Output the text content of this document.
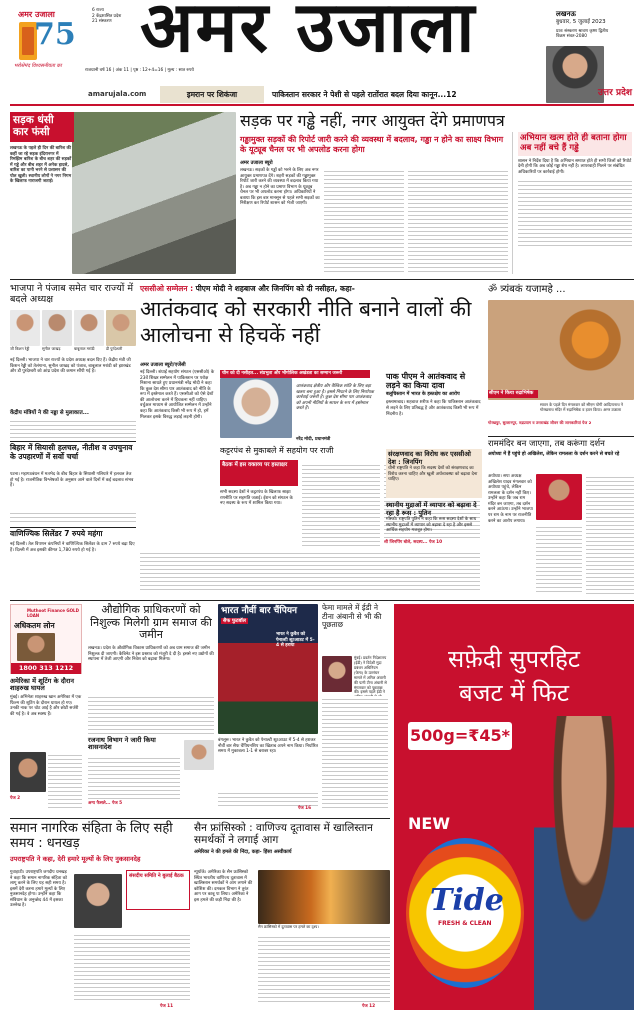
अमर उजाला
75
भरोसेमंद विश्वसनीयता का
6 राज्य
2 केंद्रशासित प्रदेश
21 संस्करण अमर उजाला
राजधानी वर्ष 16 | अंक 11 | पृष्ठ : 12+4=16 | मूल्य : सात रुपये
लखनऊ
बुधवार, 5 जुलाई 2023
प्रातः संस्करण श्रावण कृष्ण द्वितीय
विक्रम संवत-2080
amarujala.com	इमरान पर शिकंजा	पाकिस्तान सरकार ने पेशी से पहले रातोंरात बदल दिया कानून...12	उत्तर प्रदेश
सड़क धंसी कार फंसी
लखनऊ के पहले ही दिन की बारिश की कहीं जा रहे सड़क इंदिरानगर में रिमझिम बारिश के बीच शहर की सड़कों में गड्ढे और बीच शहर में अनेक हादसे, बारिश का पानी भरने से प्रशासन की पोल खुली। स्थानीय लोगों ने नगर निगम के खिलाफ नाराजगी जताई।
सड़क पर गड्ढे नहीं, नगर आयुक्त देंगे प्रमाणपत्र
गड्ढामुक्त सड़कों की रिपोर्ट जारी करने की व्यवस्था में बदलाव, गड्ढा न होने का साक्ष्य विभाग के यूट्यूब चैनल पर भी अपलोड करना होगा
अमर उजाला ब्यूरो
लखनऊ। सड़कों के गड्ढों को भरने के लिए अब नगर आयुक्त प्रमाणपत्र देंगे। शहरी सड़कों की गड्ढामुक्त रिपोर्ट जारी करने की व्यवस्था में बदलाव किया गया है। अब गड्ढा न होने का प्रमाण विभाग के यूट्यूब चैनल पर भी अपलोड करना होगा। अधिकारियों ने बताया कि इस बार मानसून से पहले सभी सड़कों का निरीक्षण कर रिपोर्ट शासन को भेजी जाएगी।
अभियान खत्म होते ही बताना होगा अब नहीं बचे हैं गड्ढे
शासन ने निर्देश दिया है कि अभियान समाप्त होते ही सभी जिलों को रिपोर्ट देनी होगी कि अब कोई गड्ढा शेष नहीं है। लापरवाही मिलने पर संबंधित अधिकारियों पर कार्रवाई होगी।
भाजपा ने पंजाब समेत चार राज्यों में बदले अध्यक्ष
जी किशन रेड्डी	सुनील जाखड़	बाबूलाल मरांडी	डी पुरंदेश्वरी
नई दिल्ली। भाजपा ने चार राज्यों के प्रदेश अध्यक्ष बदल दिए हैं। केंद्रीय मंत्री जी किशन रेड्डी को तेलंगाना, सुनील जाखड़ को पंजाब, बाबूलाल मरांडी को झारखंड और डी पुरंदेश्वरी को आंध्र प्रदेश की कमान सौंपी गई है।
केंद्रीय मंत्रियों ने की नड्डा से मुलाकात...
बिहार में सियासी हलचल, नीतीश व उपचुनाव के उपहारणों में सर्वो चर्चा
पटना। महागठबंधन में मतभेद के बीच बिहार के सियासी गलियारे में हलचल तेज हो गई है। राजनीतिक विश्लेषकों के अनुसार आने वाले दिनों में कई बदलाव संभव हैं।
वाणिज्यिक सिलेंडर 7 रुपये महंगा
नई दिल्ली। तेल विपणन कंपनियों ने वाणिज्यिक सिलेंडर के दाम 7 रुपये बढ़ा दिए हैं। दिल्ली में अब इसकी कीमत 1,780 रुपये हो गई है।
एससीओ सम्मेलन : पीएम मोदी ने शहबाज और जिनपिंग को दी नसीहत, कहा-
आतंकवाद को सरकारी नीति बनाने वालों की आलोचना से हिचकें नहीं
अमर उजाला ब्यूरो/एजेंसी
नई दिल्ली। शंघाई सहयोग संगठन (एससीओ) के 23वें शिखर सम्मेलन में पाकिस्तान पर परोक्ष निशाना साधते हुए प्रधानमंत्री नरेंद्र मोदी ने कहा कि कुछ देश सीमा पार आतंकवाद को नीति के रूप में इस्तेमाल करते हैं। एससीओ को ऐसे देशों की आलोचना करने में हिचकना नहीं चाहिए। वर्चुअल माध्यम से आयोजित सम्मेलन में उन्होंने कहा कि आतंकवाद किसी भी रूप में हो, हमें मिलकर इसके विरुद्ध लड़ाई लड़नी होगी।
चीन को दी नसीहत... संप्रभुता और भौगोलिक अखंडता का सम्मान जरूरी
आतंकवाद क्षेत्रीय और वैश्विक शांति के लिए बड़ा खतरा बना हुआ है। इससे निपटने के लिए निर्णायक कार्रवाई जरूरी है। कुछ देश सीमा पार आतंकवाद को अपनी नीतियों के साधन के रूप में इस्तेमाल करते हैं।
नरेंद्र मोदी, प्रधानमंत्री
कट्टरपंथ से मुकाबले में सहयोग पर राजी
बैठक में इस वक्तव्य पर हस्ताक्षर
सभी सदस्य देशों ने कट्टरपंथ के खिलाफ साझा रणनीति पर सहमति जताई। ईरान को संगठन के नए सदस्य के रूप में शामिल किया गया।
शी जिनपिंग बोले, सदस्य... पेज 10
पाक पीएम ने आतंकवाद से लड़ने का किया दावा
बलूचिस्तान में भारत के हस्तक्षेप का आरोप
इस्लामाबाद। शहबाज शरीफ ने कहा कि पाकिस्तान आतंकवाद से लड़ने के लिए प्रतिबद्ध है और आतंकवाद किसी भी रूप में निंदनीय है।
संरक्षणवाद का विरोध कर एससीओ देश : जिनपिंग
चीनी राष्ट्रपति ने कहा कि सदस्य देशों को संरक्षणवाद का विरोध करना चाहिए और खुली अर्थव्यवस्था को बढ़ावा देना चाहिए।
स्थानीय मुद्राओं में व्यापार को बढ़ावा दे रहा है रूस : पुतिन
मॉस्को। राष्ट्रपति पुतिन ने कहा कि रूस सदस्य देशों के साथ स्थानीय मुद्राओं में व्यापार को बढ़ावा दे रहा है और इससे आर्थिक सहयोग मजबूत होगा।
ॐ त्र्यंबकं यजामहे ...
सीएम ने किया रुद्राभिषेक
सावन के पहले दिन मंगलवार को सीएम योगी आदित्यनाथ ने गोरखनाथ मंदिर में रुद्राभिषेक व हवन किया। अमर उजाला
गोरखपुर, सुल्तानपुर, रुद्रप्रयाग व उत्तराखंड जीवन की जानकारियां पेज 2
राममंदिर बन जाएगा, तब करूंगा दर्शन
अयोध्या में हैं पहुंचे हो अखिलेश, लेकिन रामलला के दर्शन करने से बचते रहे
अयोध्या। सपा अध्यक्ष अखिलेश यादव मंगलवार को अयोध्या पहुंचे, लेकिन रामलला के दर्शन नहीं किए। उन्होंने कहा कि जब राम मंदिर बन जाएगा, तब दर्शन करने आऊंगा। उन्होंने भाजपा पर राम के नाम पर राजनीति करने का आरोप लगाया।
Muthoot Finance GOLD LOAN
अधिकतम लोन
1800 313 1212
अमेरिका में शूटिंग के दौरान शाहरुख घायल
मुंबई। अभिनेता शाहरुख खान अमेरिका में एक फिल्म की शूटिंग के दौरान घायल हो गए। उनकी नाक पर चोट आई है और छोटी सर्जरी की गई है। वे अब स्वस्थ हैं।
पेज 2
औद्योगिक प्राधिकरणों को निशुल्क मिलेगी ग्राम समाज की जमीन
लखनऊ। प्रदेश के औद्योगिक विकास प्राधिकरणों को अब ग्राम समाज की जमीन निशुल्क दी जाएगी। कैबिनेट ने इस प्रस्ताव को मंजूरी दे दी है। इससे नए उद्योगों की स्थापना में तेजी आएगी और निवेश को बढ़ावा मिलेगा।
रजनाथ विभाग ने जारी किया शासनादेश
अन्य फैसले... पेज 5
भारत नौवीं बार चैंपियन
सैफ फुटबॉल
भारत ने कुवैत को पेनाल्टी शूटआउट में 5-4 से हराया
बंगलूरू। भारत ने कुवैत को पेनाल्टी शूटआउट में 5-4 से हराकर नौवीं बार सैफ चैंपियनशिप का खिताब अपने नाम किया। निर्धारित समय में मुकाबला 1-1 से बराबर रहा।
पेज 16
फेमा मामले में ईडी ने टीना अंबानी से भी की पूछताछ
मुंबई। प्रवर्तन निदेशालय (ईडी) ने विदेशी मुद्रा प्रबंधन अधिनियम (फेमा) के उल्लंघन मामले में अनिल अंबानी की पत्नी टीना अंबानी से मंगलवार को पूछताछ की। इससे पहले ईडी ने
सफ़ेदी सुपरहिट
बजट में फिट
500g=₹45*
NEW
Tide
FRESH & CLEAN
समान नागरिक संहिता के लिए सही समय : धनखड़
उपराष्ट्रपति ने कहा, देरी हमारे मूल्यों के लिए नुकसानदेह
गुवाहाटी। उपराष्ट्रपति जगदीप धनखड़ ने कहा कि समान नागरिक संहिता को लागू करने के लिए यह सही समय है। इसमें देरी करना हमारे मूल्यों के लिए नुकसानदेह होगा। उन्होंने कहा कि संविधान के अनुच्छेद 44 में इसका उल्लेख है।
संसदीय समिति ने बुलाई बैठक
पेज 11
सैन फ्रांसिस्को : वाणिज्य दूतावास में खालिस्तान समर्थकों ने लगाई आग
अमेरिका ने की हमले की निंदा, कहा- हिंसा अस्वीकार्य
न्यूयॉर्क। अमेरिका के सैन फ्रांसिस्को स्थित भारतीय वाणिज्य दूतावास में खालिस्तान समर्थकों ने आग लगाने की कोशिश की। दमकल विभाग ने तुरंत आग पर काबू पा लिया। अमेरिका ने इस हमले की कड़ी निंदा की है।
सैन फ्रांसिस्को में दूतावास पर हमले का दृश्य।
पेज 12
